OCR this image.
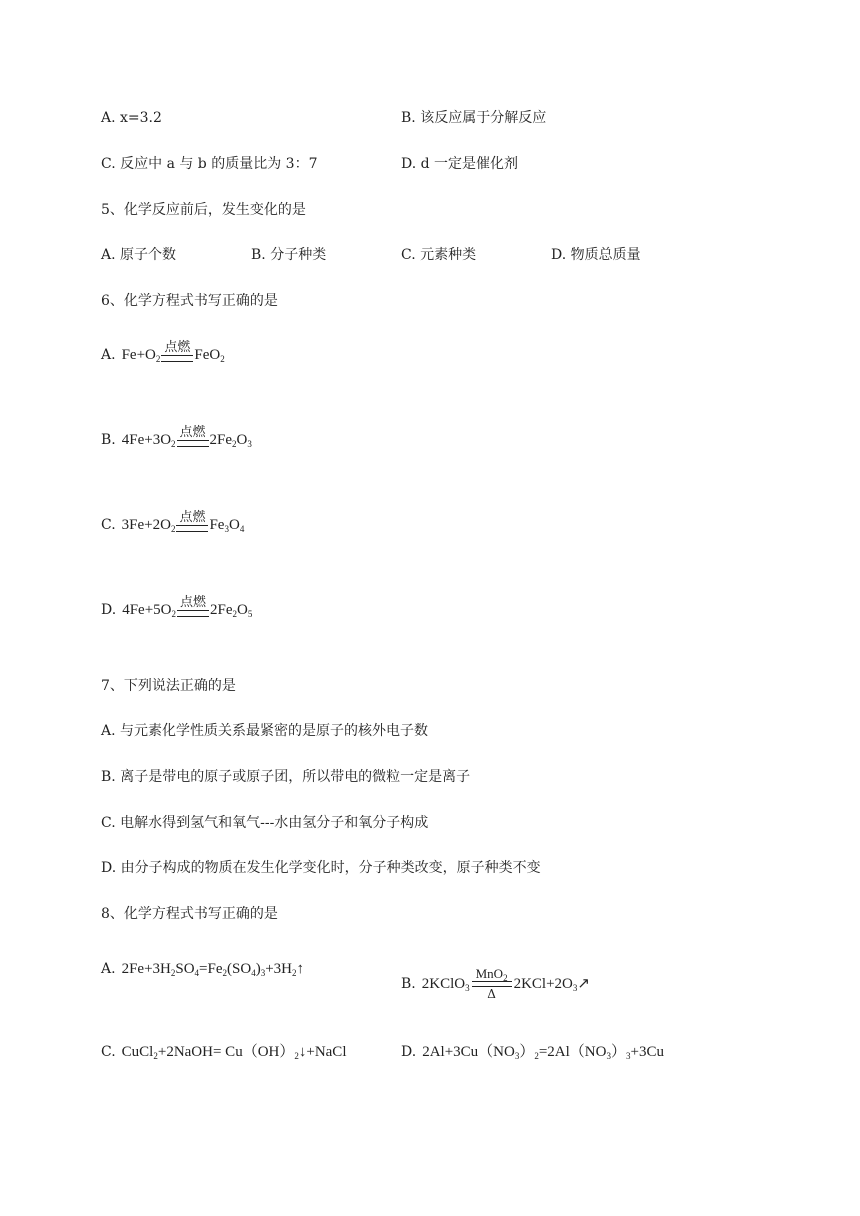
A. x=3.2	B. 该反应属于分解反应
C. 反应中 a 与 b 的质量比为 3：7	D. d 一定是催化剂
5、化学反应前后，发生变化的是
A. 原子个数	B. 分子种类	C. 元素种类	D. 物质总质量
6、化学方程式书写正确的是
A. $Fe+O_2$
点燃 FeO$_2$
B. $4Fe+3O_2$
点燃 $2Fe_2O_3$
C. $3Fe+2O_2$
点燃 $Fe_3O_4$
D. $4Fe+5O_2$
点燃 $2Fe_2O_5$
7、下列说法正确的是
A. 与元素化学性质关系最紧密的是原子的核外电子数
B. 离子是带电的原子或原子团，所以带电的微粒一定是离子
C. 电解水得到氢气和氧气---水由氢分子和氧分子构成
D. 由分子构成的物质在发生化学变化时，分子种类改变，原子种类不变
8、化学方程式书写正确的是
A. $2Fe+3H_2SO_4=Fe_2(SO_4)_3+3H_2↑$
B. 2KClO$_3$
MnO$_2$
Δ
$2KCl+2O_3↗$
C. CuCl$_2$+2NaOH= $Cu(OH)_2↓+NaCl$	D. $2Al+3Cu(NO_3)_2=2Al(NO_3)_3+3Cu$
